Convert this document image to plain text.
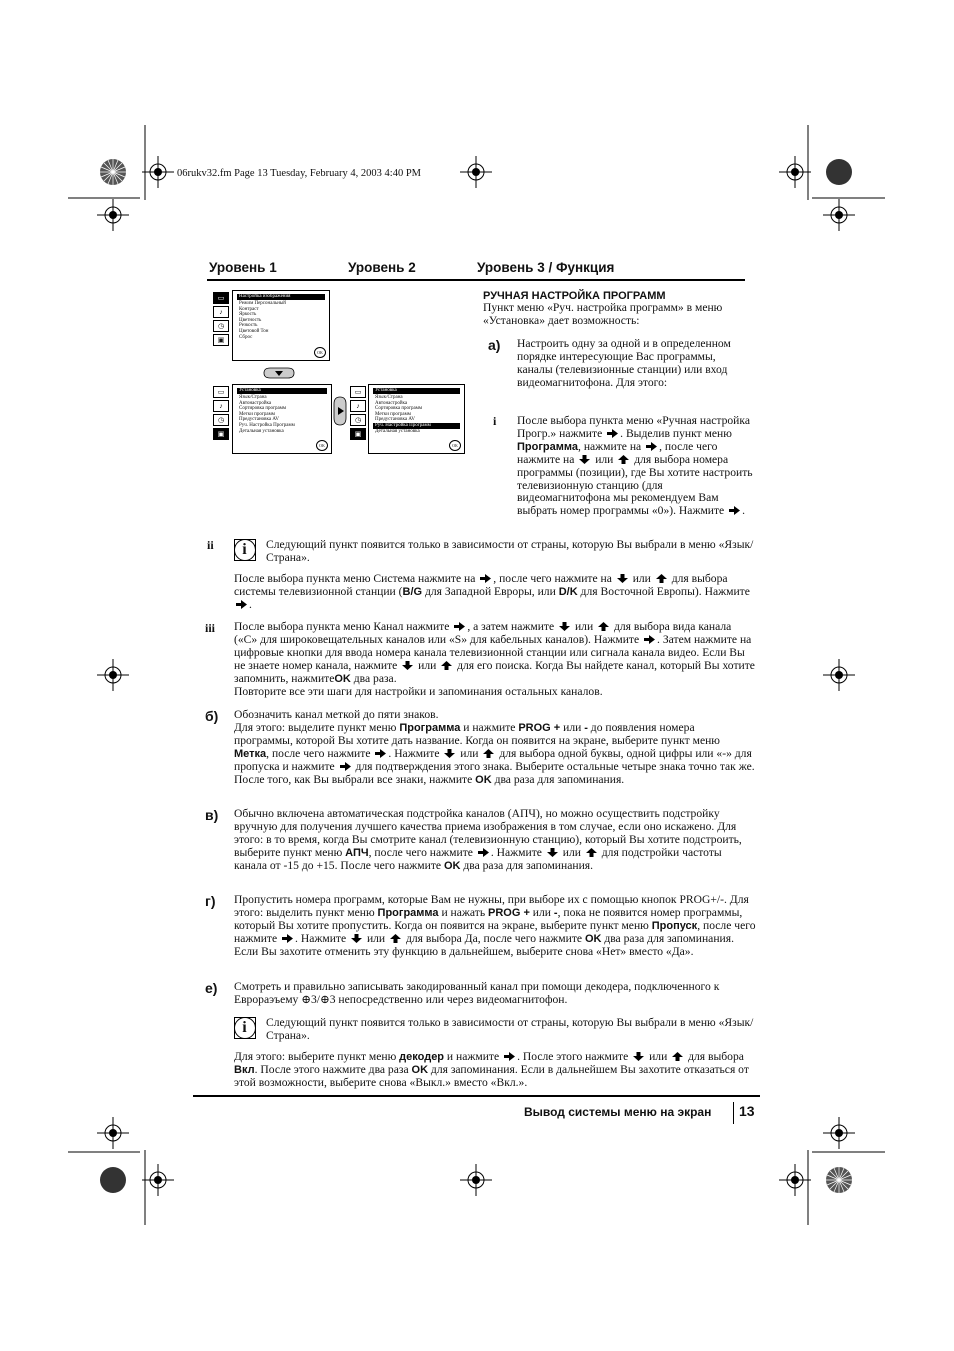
06rukv32.fm Page 13 Tuesday, February 4, 2003 4:40 PM
Уровень 1	Уровень 2	Уровень 3 / Функция
▭
♪
◷
▣
Настройка изображения
Режим Персональный
Контраст
Яркость
Цветность
Резкость
Цветовой Тон
Сброс
OK
▭
♪
◷
▣
Установка
Язык/Страна
Автонастройка
Сортировка программ
Метки программ
Предустановка AV
Руч. Настройка Программ
Детальная установка
OK
▭
♪
◷
▣
Установка
Язык/Страна
Автонастройка
Сортировка программ
Метки программ
Предустановка AV
Руч. Настройка Программ
Детальная установка
OK
РУЧНАЯ НАСТРОЙКА ПРОГРАММ
Пункт меню «Руч. настройка программ» в меню «Установка» дает возможность:
а) Настроить одну за одной и в определенном порядке интересующие Вас программы, каналы (телевизионные станции) или вход видеомагнитофона. Для этого:
i После выбора пункта меню «Ручная настройка Прогр.» нажмите . Выделив пункт меню Программа, нажмите на , после чего нажмите на или для выбора номера программы (позиции), где Вы хотите настроить телевизионную станцию (для видеомагнитофона мы рекомендуем Вам выбрать номер программы «0»). Нажмите .
ii	i	Следующий пункт появится только в зависимости от страны, которую Вы выбрали в меню «Язык/Страна».
После выбора пункта меню Система нажмите на , после чего нажмите на или для выбора системы телевизионной станции (B/G для Западной Евроры, или D/K для Восточной Европы). Нажмите .
iii После выбора пункта меню Канал нажмите , а затем нажмите или для выбора вида канала («С» для широковещательных каналов или «S» для кабельных каналов). Нажмите . Затем нажмите на цифровые кнопки для ввода номера канала телевизионной станции или сигнала канала видео. Если Вы не знаете номер канала, нажмите или для его поиска. Когда Вы найдете канал, который Вы хотите запомнить, нажмитеOK два раза.
Повторите все эти шаги для настройки и запоминания остальных каналов.
б) Обозначить канал меткой до пяти знаков.
Для этого: выделите пункт меню Программа и нажмите PROG + или - до появления номера программы, которой Вы хотите дать название. Когда он появится на экране, выберите пункт меню Метка, после чего нажмите . Нажмите или для выбора одной буквы, одной цифры или «-» для пропуска и нажмите для подтверждения этого знака. Выберите остальные четыре знака точно так же. После того, как Вы выбрали все знаки, нажмите OK два раза для запоминания.
в) Обычно включена автоматическая подстройка каналов (АПЧ), но можно осуществить подстройку вручную для получения лучшего качества приема изображения в том случае, если оно искажено. Для этого: в то время, когда Вы смотрите канал (телевизионную станцию), который Вы хотите подстроить, выберите пункт меню АПЧ, после чего нажмите . Нажмите или для подстройки частоты канала от -15 до +15. После чего нажмите OK два раза для запоминания.
г) Пропустить номера программ, которые Вам не нужны, при выборе их с помощью кнопок PROG+/-. Для этого: выделить пункт меню Программа и нажать PROG + или -, пока не появится номер программы, который Вы хотите пропустить. Когда он появится на экране, выберите пункт меню Пропуск, после чего нажмите . Нажмите или для выбора Да, после чего нажмите OK два раза для запоминания.
Если Вы захотите отменить эту функцию в дальнейшем, выберите снова «Нет» вместо «Да».
е) Смотреть и правильно записывать закодированный канал при помощи декодера, подключенного к Еврораэъему ⊕3/⊕3 непосредственно или через видеомагнитофон.
i	Следующий пункт появится только в зависимости от страны, которую Вы выбрали в меню «Язык/Страна».
Для этого: выберите пункт меню декодер и нажмите . После этого нажмите или для выбора Вкл. После этого нажмите два раза OK для запоминания. Если в дальнейшем Вы захотите отказаться от этой возможности, выберите снова «Выкл.» вместо «Вкл.».
Вывод системы меню на экран 13
